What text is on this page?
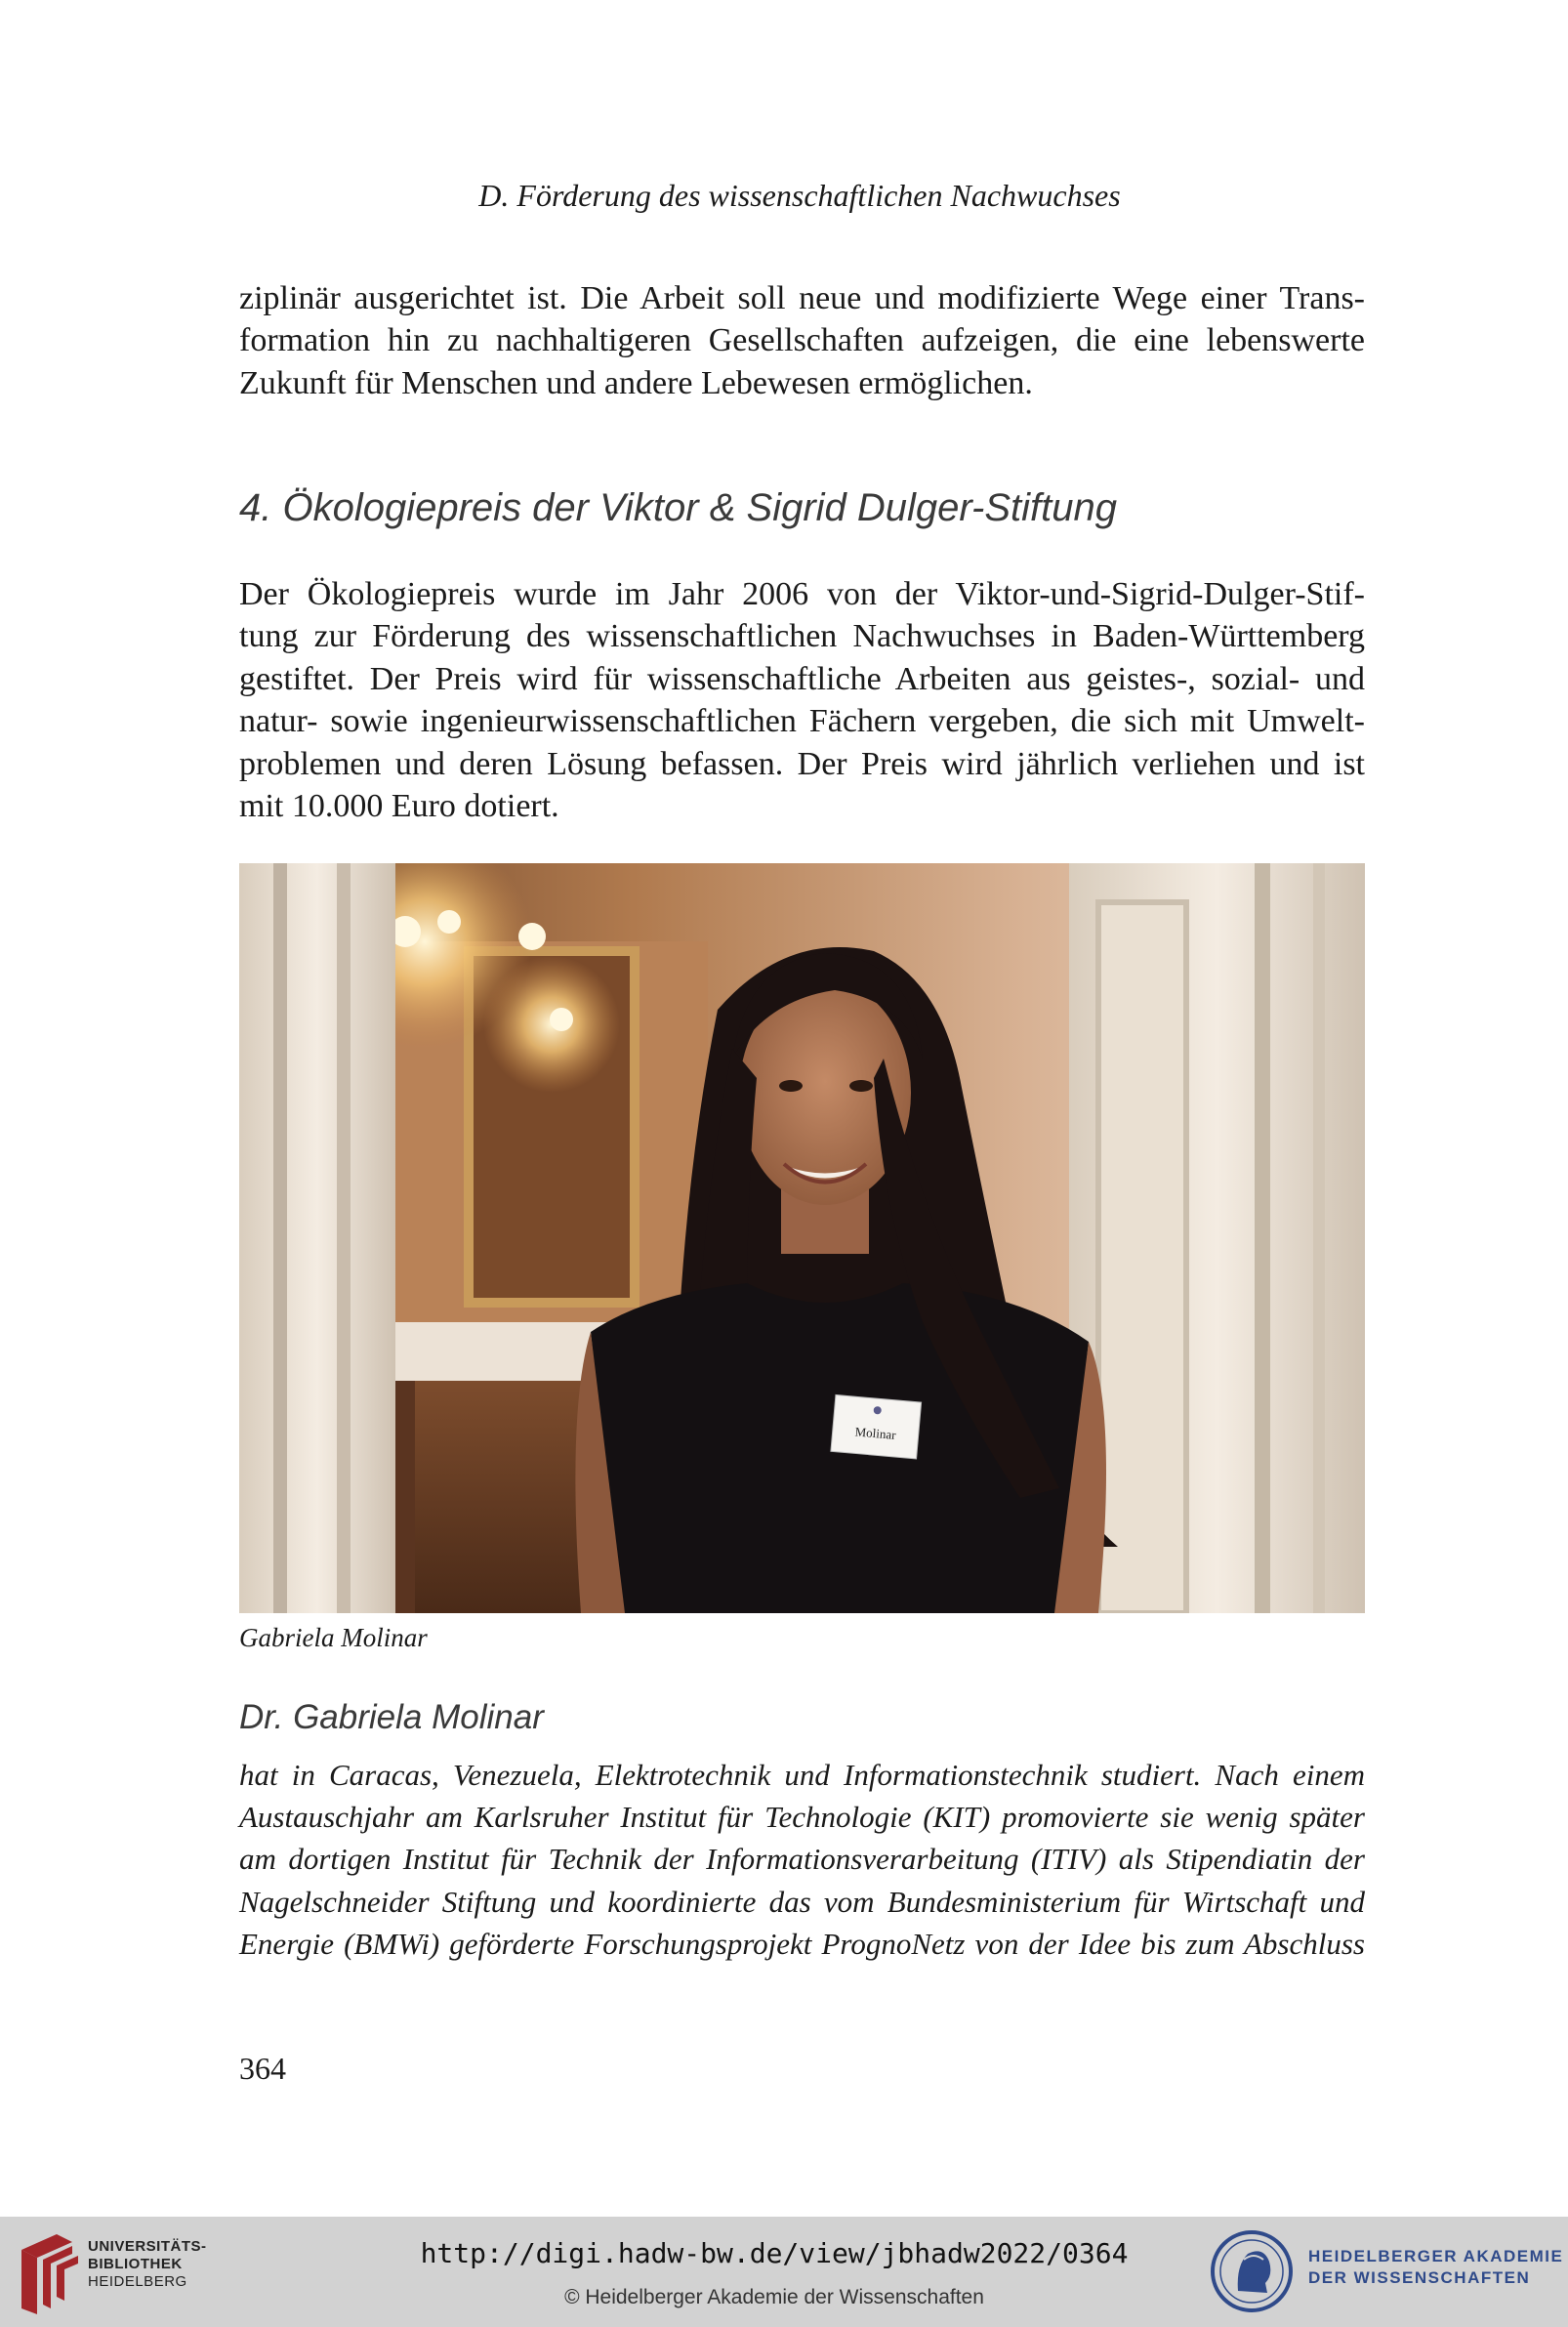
D. Förderung des wissenschaftlichen Nachwuchses
ziplinär ausgerichtet ist. Die Arbeit soll neue und modifizierte Wege einer Trans-
formation hin zu nachhaltigeren Gesellschaften aufzeigen, die eine lebenswerte
Zukunft für Menschen und andere Lebewesen ermöglichen.
4. Ökologiepreis der Viktor & Sigrid Dulger-Stiftung
Der Ökologiepreis wurde im Jahr 2006 von der Viktor-und-Sigrid-Dulger-Stif-
tung zur Förderung des wissenschaftlichen Nachwuchses in Baden-Württemberg
gestiftet. Der Preis wird für wissenschaftliche Arbeiten aus geistes-, sozial- und
natur- sowie ingenieurwissenschaftlichen Fächern vergeben, die sich mit Umwelt-
problemen und deren Lösung befassen. Der Preis wird jährlich verliehen und ist
mit 10.000 Euro dotiert.
Molinar
Gabriela Molinar
Dr. Gabriela Molinar
hat in Caracas, Venezuela, Elektrotechnik und Informationstechnik studiert. Nach einem
Austauschjahr am Karlsruher Institut für Technologie (KIT) promovierte sie wenig später
am dortigen Institut für Technik der Informationsverarbeitung (ITIV) als Stipendiatin der
Nagelschneider Stiftung und koordinierte das vom Bundesministerium für Wirtschaft und
Energie (BMWi) geförderte Forschungsprojekt PrognoNetz von der Idee bis zum Abschluss
364
UNIVERSITÄTS-
BIBLIOTHEK
HEIDELBERG
http://digi.hadw-bw.de/view/jbhadw2022/0364
© Heidelberger Akademie der Wissenschaften
HEIDELBERGER AKADEMIE
DER WISSENSCHAFTEN
